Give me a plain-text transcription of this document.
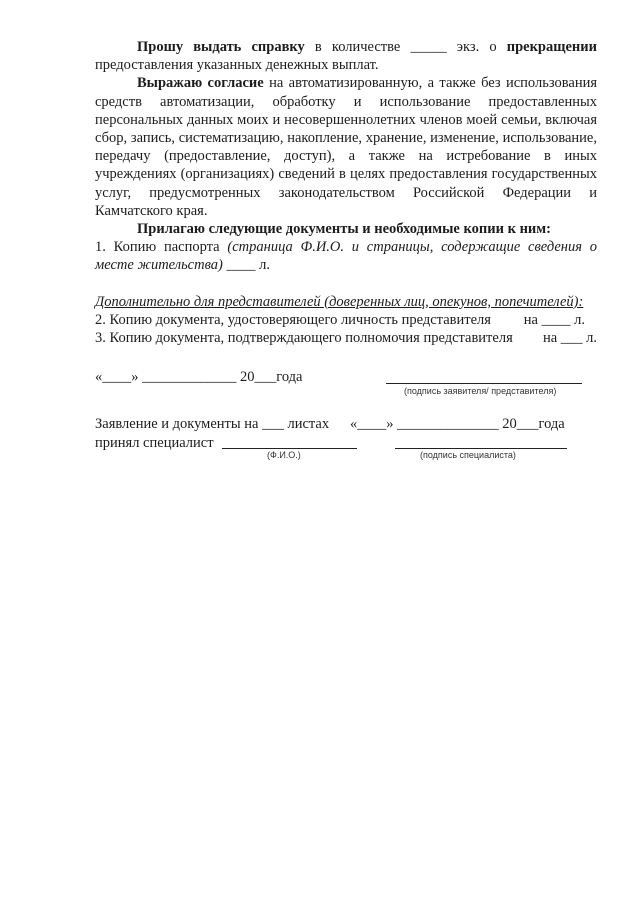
Прошу выдать справку в количестве _____ экз. о прекращении предоставления указанных денежных выплат.

Выражаю согласие на автоматизированную, а также без использования средств автоматизации, обработку и использование предоставленных персональных данных моих и несовершеннолетних членов моей семьи, включая сбор, запись, систематизацию, накопление, хранение, изменение, использование, передачу (предоставление, доступ), а также на истребование в иных учреждениях (организациях) сведений в целях предоставления государственных услуг, предусмотренных законодательством Российской Федерации и Камчатского края.

Прилагаю следующие документы и необходимые копии к ним:

1. Копию паспорта (страница Ф.И.О. и страницы, содержащие сведения о месте жительства) ____ л.

Дополнительно для представителей (доверенных лиц, опекунов, попечителей):

2. Копию документа, удостоверяющего личность представителя на ____ л.
3. Копию документа, подтверждающего полномочия представителя на ___ л.
«____» _____________ 20___года
(подпись заявителя/ представителя)
Заявление и документы на ___ листах «____» ______________ 20___года
принял специалист
(Ф.И.О.)	(подпись специалиста)
